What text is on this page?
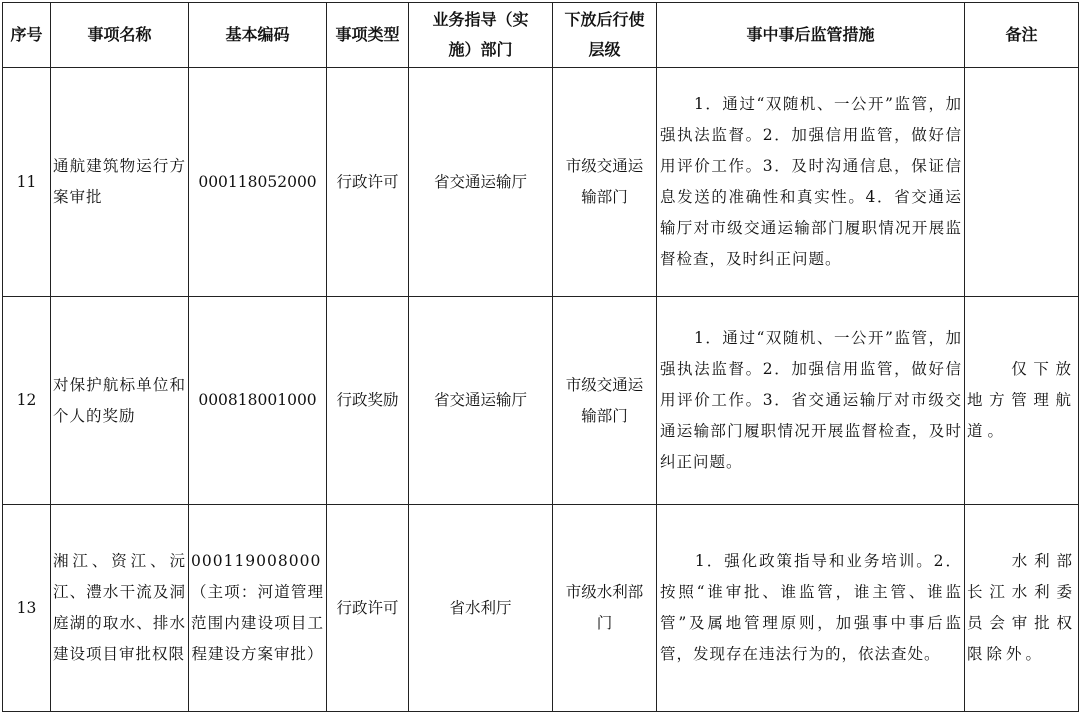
序号	事项名称	基本编码	事项类型	业务指导（实施）部门	下放后行使层级	事中事后监管措施	备注
11	通航建筑物运行方案审批	000118052000	行政许可	省交通运输厅	市级交通运输部门	　　1．通过“双随机、一公开”监管，加强执法监督。2．加强信用监管，做好信用评价工作。3．及时沟通信息，保证信息发送的准确性和真实性。4．省交通运输厅对市级交通运输部门履职情况开展监督检查，及时纠正问题。	
12	对保护航标单位和个人的奖励	000818001000	行政奖励	省交通运输厅	市级交通运输部门	　　1．通过“双随机、一公开”监管，加强执法监督。2．加强信用监管，做好信用评价工作。3．省交通运输厅对市级交通运输部门履职情况开展监督检查，及时纠正问题。	　　仅下放地方管理航道。
13	湘江、资江、沅江、澧水干流及洞庭湖的取水、排水建设项目审批权限	000119008000（主项：河道管理范围内建设项目工程建设方案审批）	行政许可	省水利厅	市级水利部门	　　1．强化政策指导和业务培训。2．按照“谁审批、谁监管，谁主管、谁监管”及属地管理原则，加强事中事后监管，发现存在违法行为的，依法查处。	　　水利部长江水利委员会审批权限除外。
